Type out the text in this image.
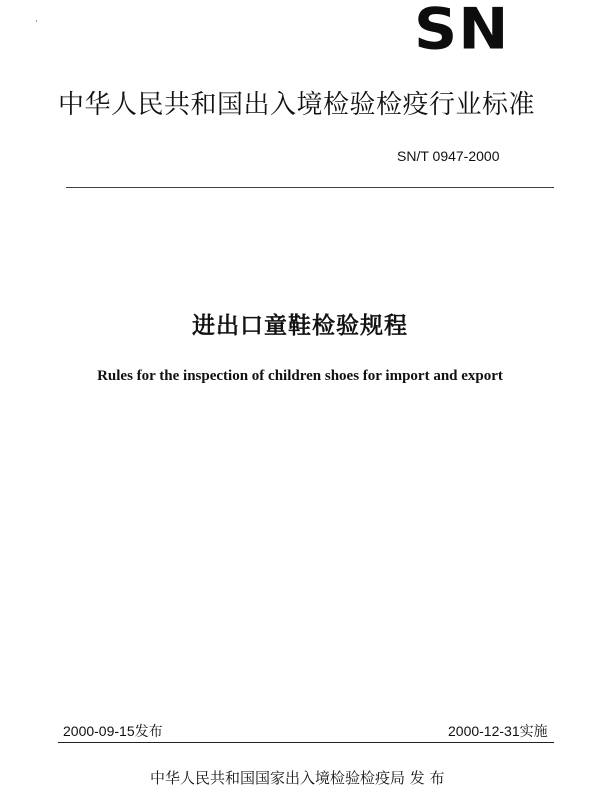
SN
中华人民共和国出入境检验检疫行业标准
SN/T 0947-2000
进出口童鞋检验规程
Rules for the inspection of children shoes for import and export
2000-09-15发布	2000-12-31实施
中华人民共和国国家出入境检验检疫局 发 布
